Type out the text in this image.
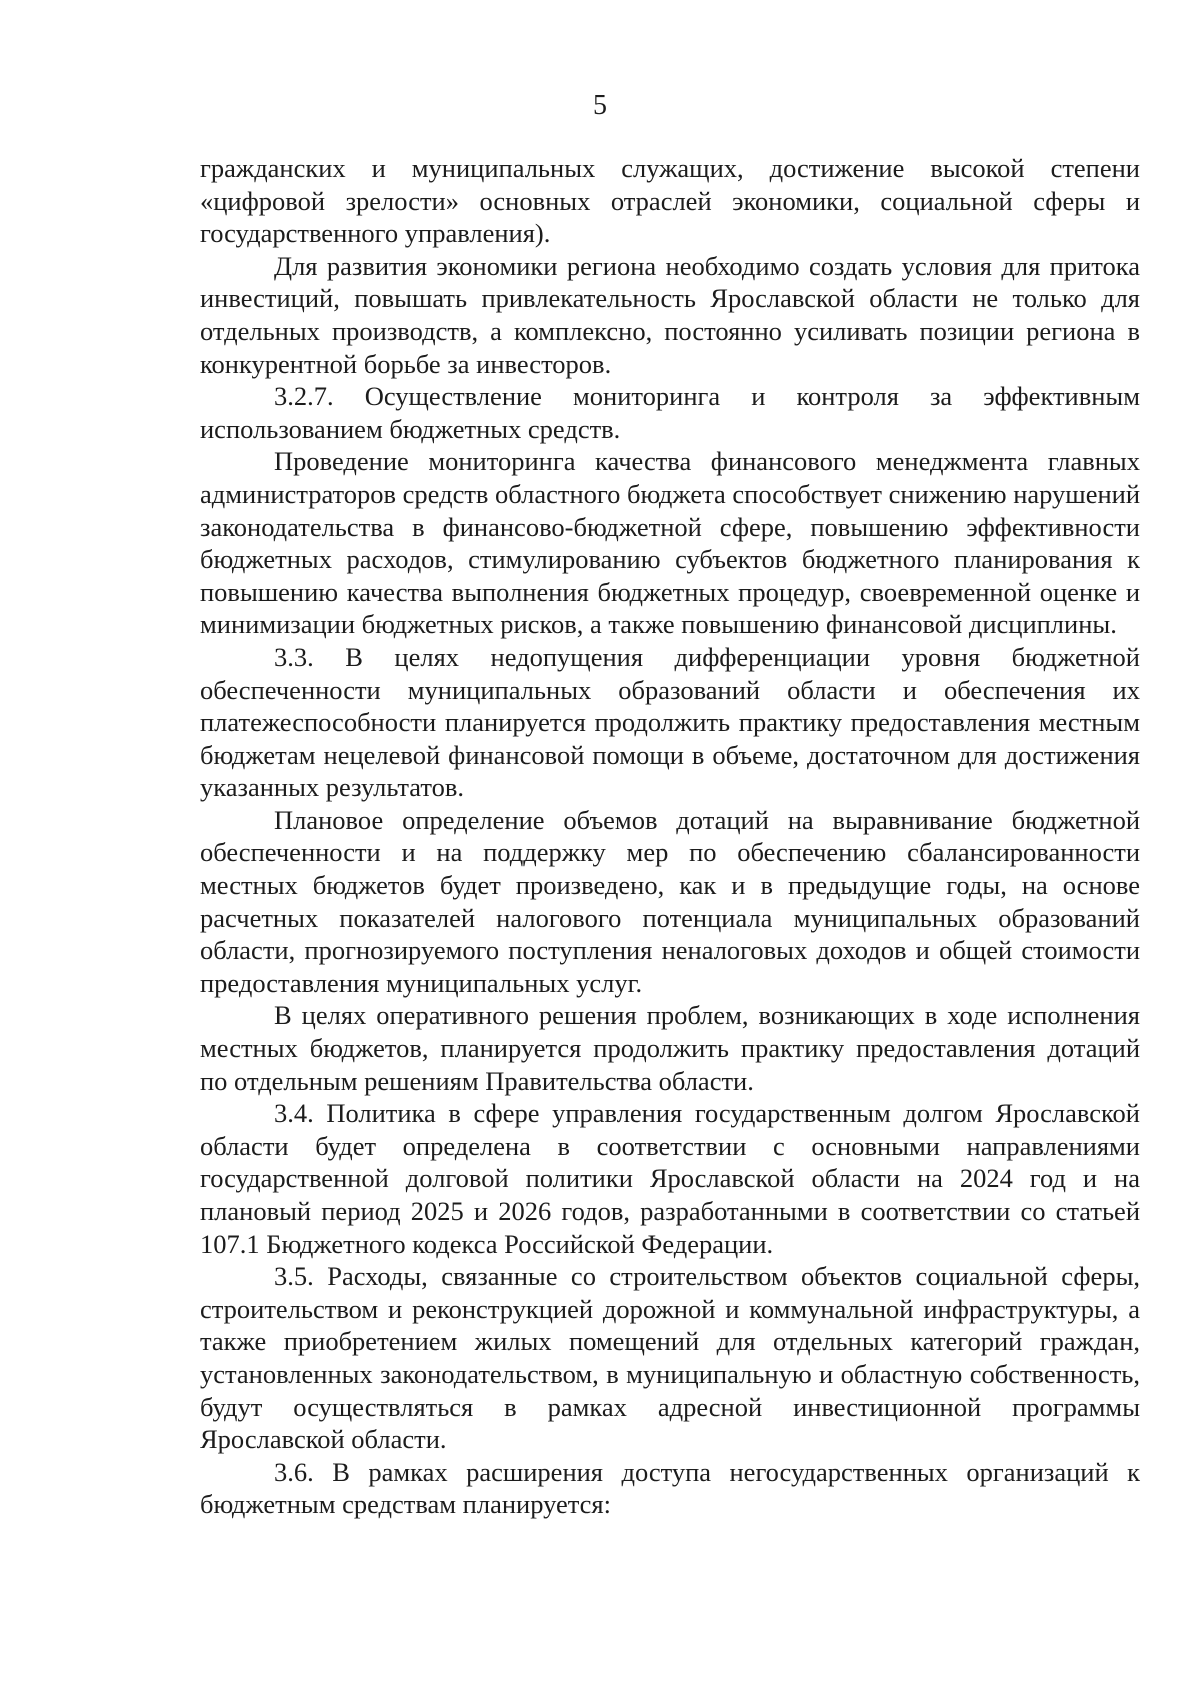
5

гражданских и муниципальных служащих, достижение высокой степени «цифровой зрелости» основных отраслей экономики, социальной сферы и государственного управления).

Для развития экономики региона необходимо создать условия для притока инвестиций, повышать привлекательность Ярославской области не только для отдельных производств, а комплексно, постоянно усиливать позиции региона в конкурентной борьбе за инвесторов.

3.2.7. Осуществление мониторинга и контроля за эффективным использованием бюджетных средств.

Проведение мониторинга качества финансового менеджмента главных администраторов средств областного бюджета способствует снижению нарушений законодательства в финансово-бюджетной сфере, повышению эффективности бюджетных расходов, стимулированию субъектов бюджетного планирования к повышению качества выполнения бюджетных процедур, своевременной оценке и минимизации бюджетных рисков, а также повышению финансовой дисциплины.

3.3. В целях недопущения дифференциации уровня бюджетной обеспеченности муниципальных образований области и обеспечения их платежеспособности планируется продолжить практику предоставления местным бюджетам нецелевой финансовой помощи в объеме, достаточном для достижения указанных результатов.

Плановое определение объемов дотаций на выравнивание бюджетной обеспеченности и на поддержку мер по обеспечению сбалансированности местных бюджетов будет произведено, как и в предыдущие годы, на основе расчетных показателей налогового потенциала муниципальных образований области, прогнозируемого поступления неналоговых доходов и общей стоимости предоставления муниципальных услуг.

В целях оперативного решения проблем, возникающих в ходе исполнения местных бюджетов, планируется продолжить практику предоставления дотаций по отдельным решениям Правительства области.

3.4. Политика в сфере управления государственным долгом Ярославской области будет определена в соответствии с основными направлениями государственной долговой политики Ярославской области на 2024 год и на плановый период 2025 и 2026 годов, разработанными в соответствии со статьей 107.1 Бюджетного кодекса Российской Федерации.

3.5. Расходы, связанные со строительством объектов социальной сферы, строительством и реконструкцией дорожной и коммунальной инфраструктуры, а также приобретением жилых помещений для отдельных категорий граждан, установленных законодательством, в муниципальную и областную собственность, будут осуществляться в рамках адресной инвестиционной программы Ярославской области.

3.6. В рамках расширения доступа негосударственных организаций к бюджетным средствам планируется:
